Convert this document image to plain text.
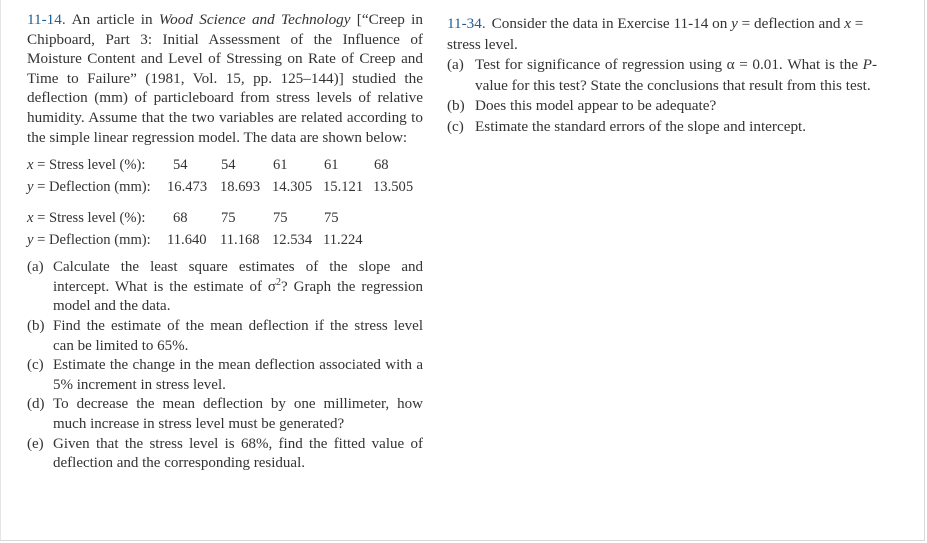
11-14. An article in Wood Science and Technology [“Creep in Chipboard, Part 3: Initial Assessment of the Influence of Moisture Content and Level of Stressing on Rate of Creep and Time to Failure” (1981, Vol. 15, pp. 125–144)] studied the deflection (mm) of particleboard from stress levels of relative humidity. Assume that the two variables are related according to the simple linear regression model. The data are shown below:

x = Stress level (%): 54 54	61 61 68
y = Deflection (mm): 16.473 18.693 14.305 15.121 13.505
x = Stress level (%): 68 75	75 75
y = Deflection (mm): 11.640 11.168 12.534 11.224
(a) Calculate the least square estimates of the slope and intercept. What is the estimate of $\sigma^2$? Graph the regression model and the data.
(b) Find the estimate of the mean deflection if the stress level can be limited to 65%.
(c) Estimate the change in the mean deflection associated with a 5% increment in stress level.
(d) To decrease the mean deflection by one millimeter, how much increase in stress level must be generated?
(e) Given that the stress level is 68%, find the fitted value of deflection and the corresponding residual.

11-34. Consider the data in Exercise 11-14 on y = deflection and x = stress level.

(a) Test for significance of regression using α = 0.01. What is the P-value for this test? State the conclusions that result from this test.
(b) Does this model appear to be adequate?
(c) Estimate the standard errors of the slope and intercept.
